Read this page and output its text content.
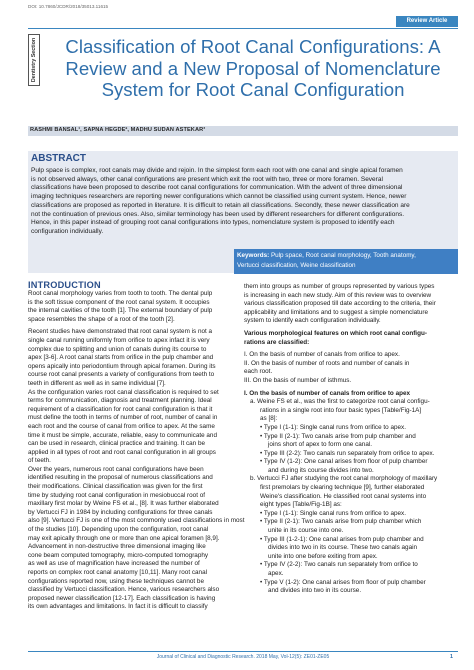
DOI: 10.7860/JCDR/2018/35013.11615
Review Article
Dentistry Section	Classification of Root Canal Configurations: A
Review and a New Proposal of Nomenclature
System for Root Canal Configuration
RASHMI BANSAL¹, SAPNA HEGDE², MADHU SUDAN ASTEKAR³
ABSTRACT
Pulp space is complex, root canals may divide and rejoin. In the simplest form each root with one canal and single apical foramen
is not observed always, other canal configurations are present which exit the root with two, three or more foramen. Several
classifications have been proposed to describe root canal configurations for communication. With the advent of three dimensional
imaging techniques researchers are reporting newer configurations which cannot be classified using current system. Hence, newer
classifications are proposed as reported in literature. It is difficult to retain all classifications. Secondly, these newer classification are
not the continuation of previous ones. Also, similar terminology has been used by different researchers for different configurations.
Hence, in this paper instead of grouping root canal configurations into types, nomenclature system is proposed to identify each
configuration individually.
Keywords: Pulp space, Root canal morphology, Tooth anatomy,
Vertucci classification, Weine classification
INTRODUCTION
Root canal morphology varies from tooth to tooth. The dental pulp
is the soft tissue component of the root canal system. It occupies
the internal cavities of the tooth [1]. The external boundary of pulp
space resembles the shape of a root of the tooth [2].
Recent studies have demonstrated that root canal system is not a
single canal running uniformly from orifice to apex infact it is very
complex due to splitting and union of canals during its course to
apex [3-6]. A root canal starts from orifice in the pulp chamber and
opens apically into periodontium through apical foramen. During its
course root canal presents a variety of configurations from teeth to
teeth in different as well as in same individual [7].
As the configuration varies root canal classification is required to set
terms for communication, diagnosis and treatment planning. Ideal
requirement of a classification for root canal configuration is that it
must define the tooth in terms of number of root, number of canal in
each root and the course of canal from orifice to apex. At the same
time it must be simple, accurate, reliable, easy to communicate and
can be used in research, clinical practice and training. It can be
applied in all types of root and root canal configuration in all groups
of teeth.
Over the years, numerous root canal configurations have been
identified resulting in the proposal of numerous classifications and
their modifications. Clinical classification was given for the first
time by studying root canal configuration in mesiobuccal root of
maxillary first molar by Weine FS et al., [8]. It was further elaborated
by Vertucci FJ in 1984 by including configurations for three canals
also [9]. Vertucci FJ is one of the most commonly used classifications in most
of the studies [10]. Depending upon the configuration, root canal
may exit apically through one or more than one apical foramen [8,9].
Advancement in non-destructive three dimensional imaging like
cone beam computed tomography, micro-computed tomography
as well as use of magnification have increased the number of
reports on complex root canal anatomy [10,11]. Many root canal
configurations reported now, using these techniques cannot be
classified by Vertucci classification. Hence, various researchers also
proposed newer classification [12-17]. Each classification is having
its own advantages and limitations. In fact it is difficult to classify
them into groups as number of groups represented by various types
is increasing in each new study. Aim of this review was to overview
various classification proposed till date according to the criteria, their
applicability and limitations and to suggest a simple nomenclature
system to identify each configuration individually.
Various morphological features on which root canal configu-
rations are classified:
I. On the basis of number of canals from orifice to apex.
II. On the basis of number of roots and number of canals in
each root.
III. On the basis of number of isthmus.
I. On the basis of number of canals from orifice to apex
a. Weine FS et al., was the first to categorize root canal configu-
rations in a single root into four basic types [Table/Fig-1A]
as [8]:
• Type I (1-1): Single canal runs from orifice to apex.
• Type II (2-1): Two canals arise from pulp chamber and
joins short of apex to form one canal.
• Type III (2-2): Two canals run separately from orifice to apex.
• Type IV (1-2): One canal arises from floor of pulp chamber
and during its course divides into two.
b. Vertucci FJ after studying the root canal morphology of maxillary
first premolars by clearing technique [9], further elaborated
Weine's classification. He classified root canal systems into
eight types [Table/Fig-1B] as:
• Type I (1-1): Single canal runs from orifice to apex.
• Type II (2-1): Two canals arise from pulp chamber which
unite in its course into one.
• Type III (1-2-1): One canal arises from pulp chamber and
divides into two in its course. These two canals again
unite into one before exiting from apex.
• Type IV (2-2): Two canals run separately from orifice to
apex.
• Type V (1-2): One canal arises from floor of pulp chamber
and divides into two in its course.
Journal of Clinical and Diagnostic Research. 2018 May, Vol-12(5): ZE01-ZE05	1
